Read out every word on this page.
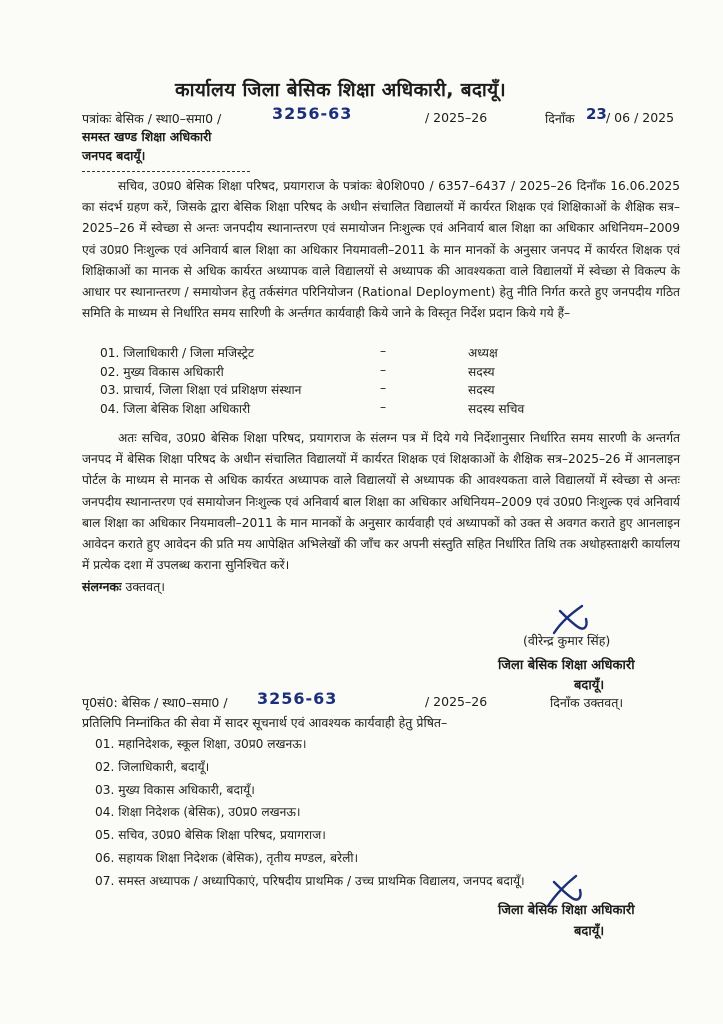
कार्यालय जिला बेसिक शिक्षा अधिकारी, बदायूँ।
पत्रांकः बेसिक / स्था0–समा0 /	3256-63	/ 2025–26	दिनाँक 23 / 06 / 2025
समस्त खण्ड शिक्षा अधिकारी
जनपद बदायूँ।

सचिव, उ0प्र0 बेसिक शिक्षा परिषद, प्रयागराज के पत्रांकः बे0शि0प0 / 6357–6437 / 2025–26 दिनाँक 16.06.2025 का संदर्भ ग्रहण करें, जिसके द्वारा बेसिक शिक्षा परिषद के अधीन संचालित विद्यालयों में कार्यरत शिक्षक एवं शिक्षिकाओं के शैक्षिक सत्र–2025–26 में स्वेच्छा से अन्तः जनपदीय स्थानान्तरण एवं समायोजन निःशुल्क एवं अनिवार्य बाल शिक्षा का अधिकार अधिनियम–2009 एवं उ0प्र0 निःशुल्क एवं अनिवार्य बाल शिक्षा का अधिकार नियमावली–2011 के मान मानकों के अनुसार जनपद में कार्यरत शिक्षक एवं शिक्षिकाओं का मानक से अधिक कार्यरत अध्यापक वाले विद्यालयों से अध्यापक की आवश्यकता वाले विद्यालयों में स्वेच्छा से विकल्प के आधार पर स्थानान्तरण / समायोजन हेतु तर्कसंगत परिनियोजन (Rational Deployment) हेतु नीति निर्गत करते हुए जनपदीय गठित समिति के माध्यम से निर्धारित समय सारिणी के अर्न्तगत कार्यवाही किये जाने के विस्तृत निर्देश प्रदान किये गये हैं–

01. जिलाधिकारी / जिला मजिस्ट्रेट	–	अध्यक्ष
02. मुख्य विकास अधिकारी	–	सदस्य
03. प्राचार्य, जिला शिक्षा एवं प्रशिक्षण संस्थान	–	सदस्य
04. जिला बेसिक शिक्षा अधिकारी	–	सदस्य सचिव

अतः सचिव, उ0प्र0 बेसिक शिक्षा परिषद, प्रयागराज के संलग्न पत्र में दिये गये निर्देशानुसार निर्धारित समय सारणी के अन्तर्गत जनपद में बेसिक शिक्षा परिषद के अधीन संचालित विद्यालयों में कार्यरत शिक्षक एवं शिक्षकाओं के शैक्षिक सत्र–2025–26 में आनलाइन पोर्टल के माध्यम से मानक से अधिक कार्यरत अध्यापक वाले विद्यालयों से अध्यापक की आवश्यकता वाले विद्यालयों में स्वेच्छा से अन्तः जनपदीय स्थानान्तरण एवं समायोजन निःशुल्क एवं अनिवार्य बाल शिक्षा का अधिकार अधिनियम–2009 एवं उ0प्र0 निःशुल्क एवं अनिवार्य बाल शिक्षा का अधिकार नियमावली–2011 के मान मानकों के अनुसार कार्यवाही एवं अध्यापकों को उक्त से अवगत कराते हुए आनलाइन आवेदन कराते हुए आवेदन की प्रति मय आपेक्षित अभिलेखों की जाँच कर अपनी संस्तुति सहित निर्धारित तिथि तक अधोहस्ताक्षरी कार्यालय में प्रत्येक दशा में उपलब्ध कराना सुनिश्चित करें।

संलग्नकः उक्तवत्।
(वीरेन्द्र कुमार सिंह)
जिला बेसिक शिक्षा अधिकारी
बदायूँ।
पृ0सं0: बेसिक / स्था0–समा0 / 3256-63	/ 2025–26	दिनाँक उक्तवत्।
प्रतिलिपि निम्नांकित की सेवा में सादर सूचनार्थ एवं आवश्यक कार्यवाही हेतु प्रेषित–
01. महानिदेशक, स्कूल शिक्षा, उ0प्र0 लखनऊ।
02. जिलाधिकारी, बदायूँ।
03. मुख्य विकास अधिकारी, बदायूँ।
04. शिक्षा निदेशक (बेसिक), उ0प्र0 लखनऊ।
05. सचिव, उ0प्र0 बेसिक शिक्षा परिषद, प्रयागराज।
06. सहायक शिक्षा निदेशक (बेसिक), तृतीय मण्डल, बरेली।
07. समस्त अध्यापक / अध्यापिकाएं, परिषदीय प्राथमिक / उच्च प्राथमिक विद्यालय, जनपद बदायूँ।
जिला बेसिक शिक्षा अधिकारी
बदायूँ।
